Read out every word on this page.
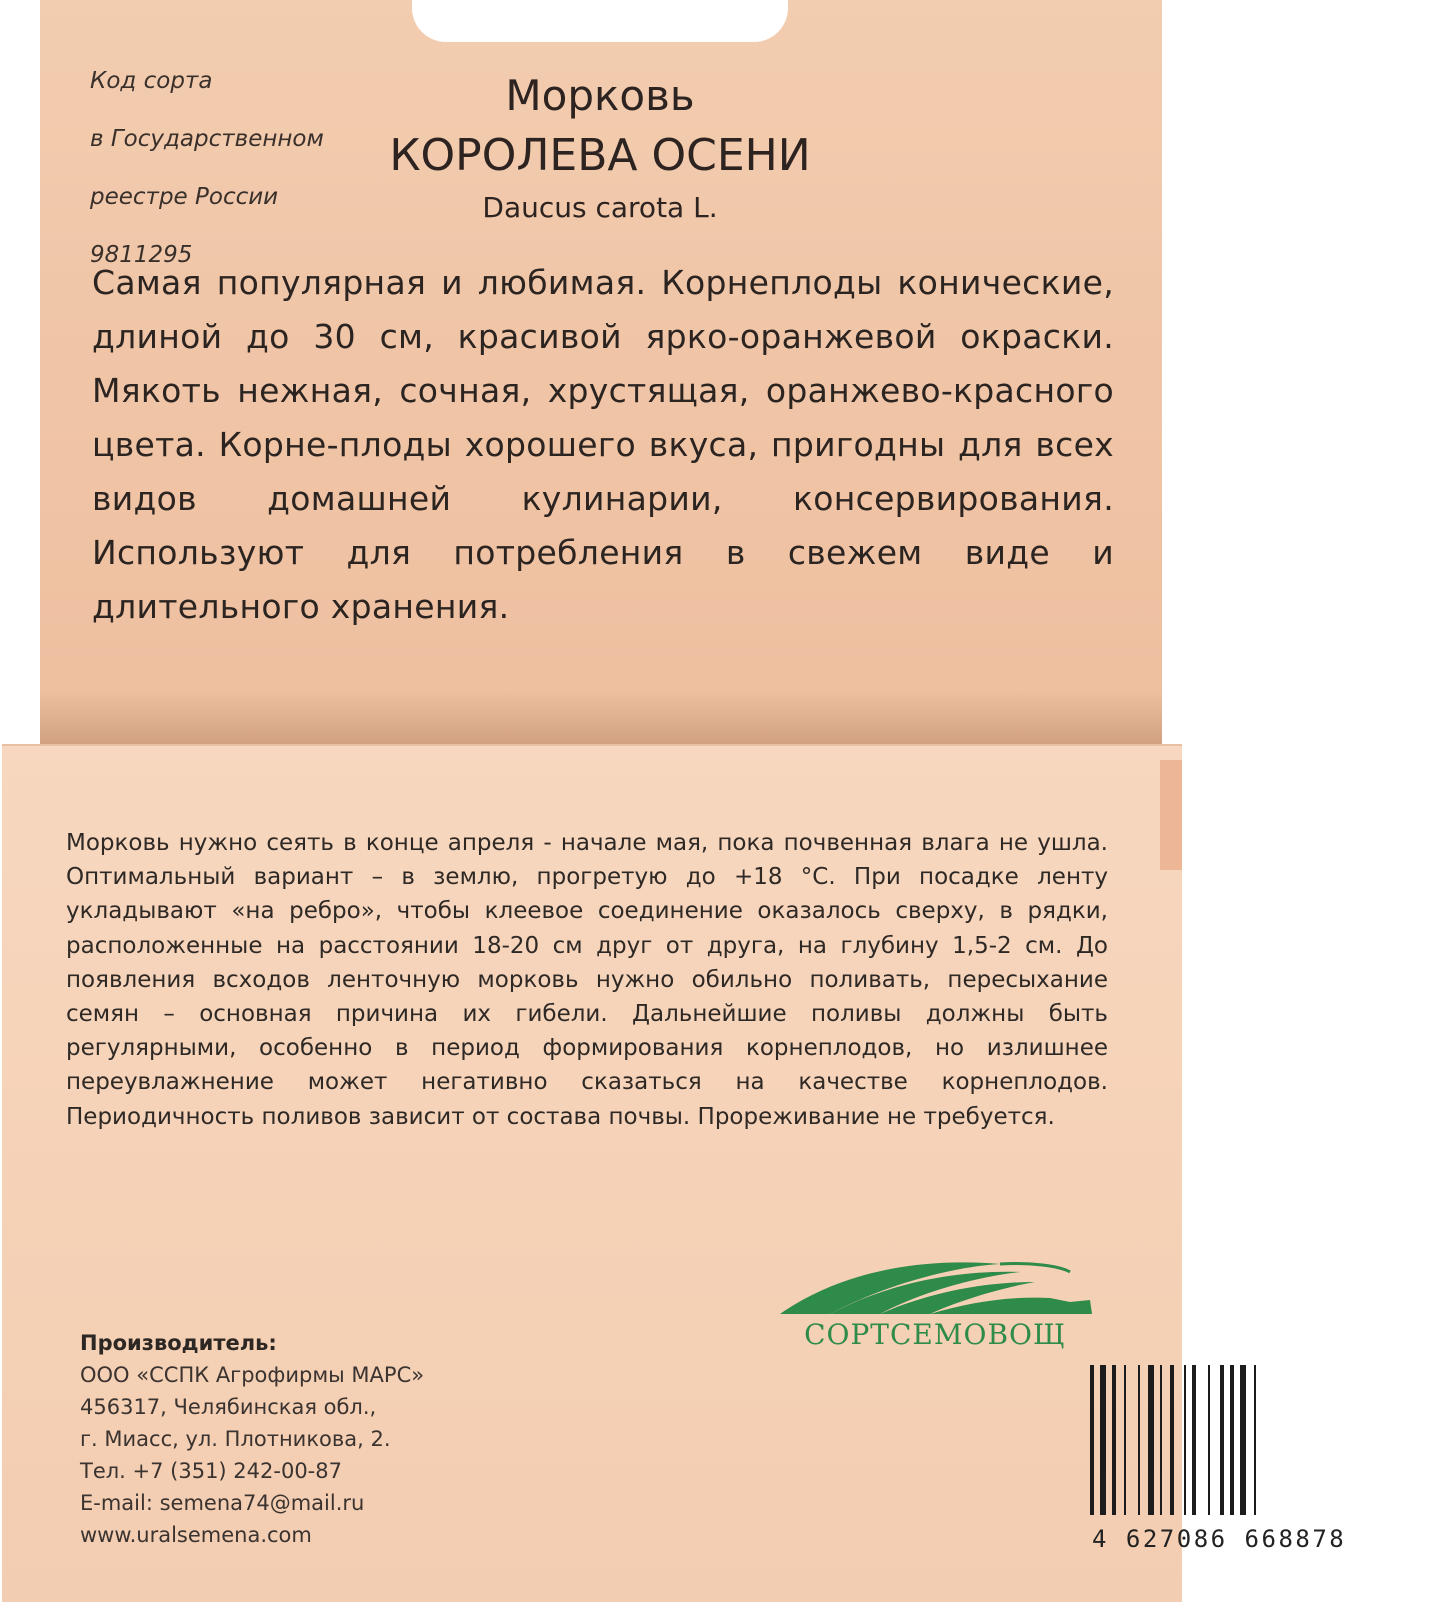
Код сорта

в Государственном

реестре России

9811295

Морковь
КОРОЛЕВА ОСЕНИ
Daucus carota L.
Самая популярная и любимая. Корнеплоды конические, длиной до 30 см, красивой ярко-оранжевой окраски. Мякоть нежная, сочная, хрустящая, оранжево-красного цвета. Корне-плоды хорошего вкуса, пригодны для всех видов домашней кулинарии, консервирования. Используют для потребления в свежем виде и длительного хранения.
Морковь нужно сеять в конце апреля - начале мая, пока почвенная влага не ушла. Оптимальный вариант – в землю, прогретую до +18 °С. При посадке ленту укладывают «на ребро», чтобы клеевое соединение оказалось сверху, в рядки, расположенные на расстоянии 18-20 см друг от друга, на глубину 1,5-2 см. До появления всходов ленточную морковь нужно обильно поливать, пересыхание семян – основная причина их гибели. Дальнейшие поливы должны быть регулярными, особенно в период формирования корнеплодов, но излишнее переувлажнение может негативно сказаться на качестве корнеплодов. Периодичность поливов зависит от состава почвы. Прореживание не требуется.
Производитель:
ООО «ССПК Агрофирмы МАРС»
456317, Челябинская обл.,
г. Миасс, ул. Плотникова, 2.
Тел. +7 (351) 242-00-87
E-mail: semena74@mail.ru
www.uralsemena.com
СОРТСЕМОВОЩ
4 627086 668878
